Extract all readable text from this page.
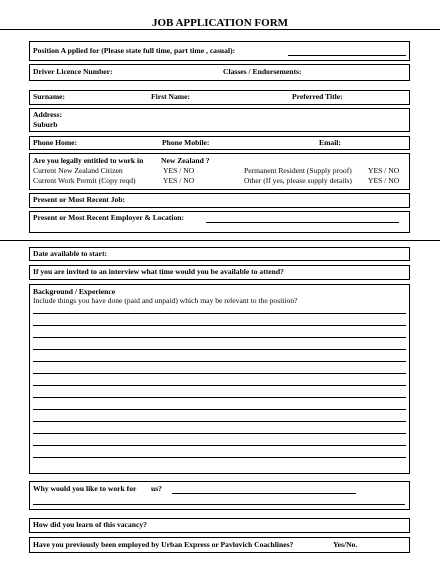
JOB APPLICATION FORM
Position A pplied for (Please state full time, part time , casual):
Driver Licence Number:	Classes / Endorsements:
Surname:	First Name:	Preferred Title:
Address:
Suburb
Phone Home:	Phone Mobile:	Email:
Are you legally entitled to work in New Zealand ?
Current New Zealand Citizen	YES / NO	Permanent Resident (Supply proof) YES / NO
Current Work Permit (Copy reqd)	YES / NO	Other (If yes, please supply details) YES / NO
Present or Most Recent Job:
Present or Most Recent Employer & Location:
Date available to start:
If you are invited to an interview what time would you be available to attend?
Background / Experience
Include things you have done (paid and unpaid) which may be relevant to the position?
Why would you like to work for us?
How did you learn of this vacancy?
Have you previously been employed by Urban Express or Pavlovich Coachlines?	Yes/No.
